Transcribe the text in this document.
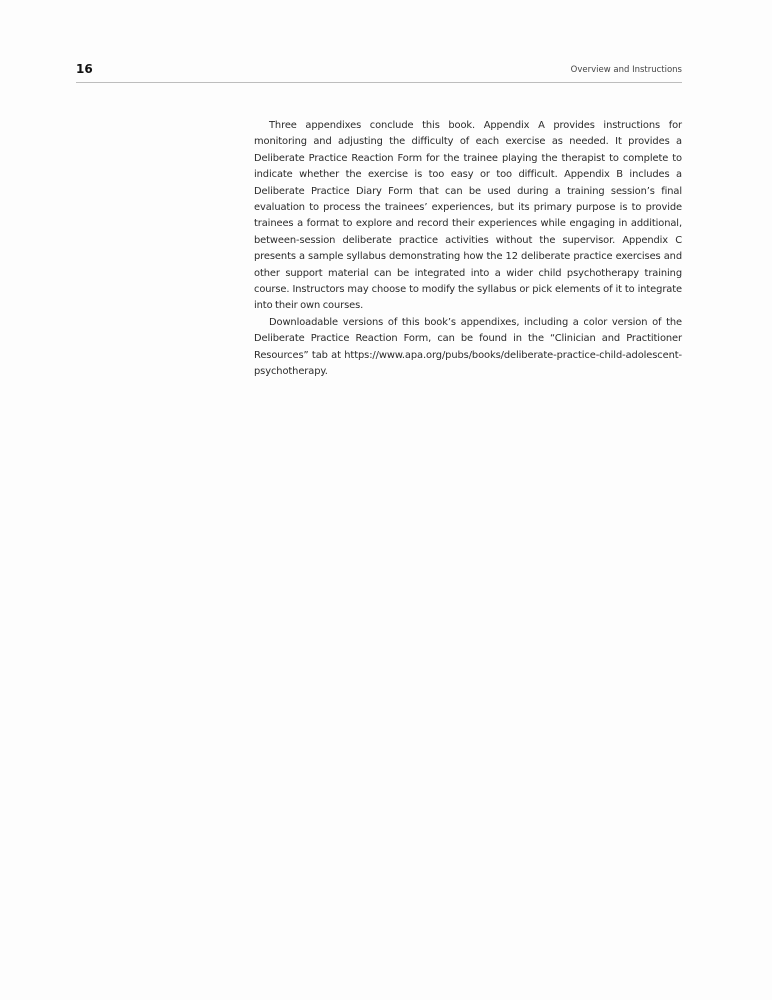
16	Overview and Instructions

Three appendixes conclude this book. Appendix A provides instructions for monitoring and adjusting the difficulty of each exercise as needed. It provides a Deliberate Practice Reaction Form for the trainee playing the therapist to complete to indicate whether the exercise is too easy or too difficult. Appendix B includes a Deliberate Practice Diary Form that can be used during a training session’s final evaluation to process the trainees’ experiences, but its primary purpose is to provide trainees a format to explore and record their experiences while engaging in additional, between-session deliberate practice activities without the supervisor. Appendix C presents a sample syllabus demonstrating how the 12 deliberate practice exercises and other support material can be integrated into a wider child psychotherapy training course. Instructors may choose to modify the syllabus or pick elements of it to integrate into their own courses.

Downloadable versions of this book’s appendixes, including a color version of the Deliberate Practice Reaction Form, can be found in the “Clinician and Practitioner Resources” tab at https://www.apa.org/pubs/books/deliberate-practice-child-adolescent-psychotherapy.
